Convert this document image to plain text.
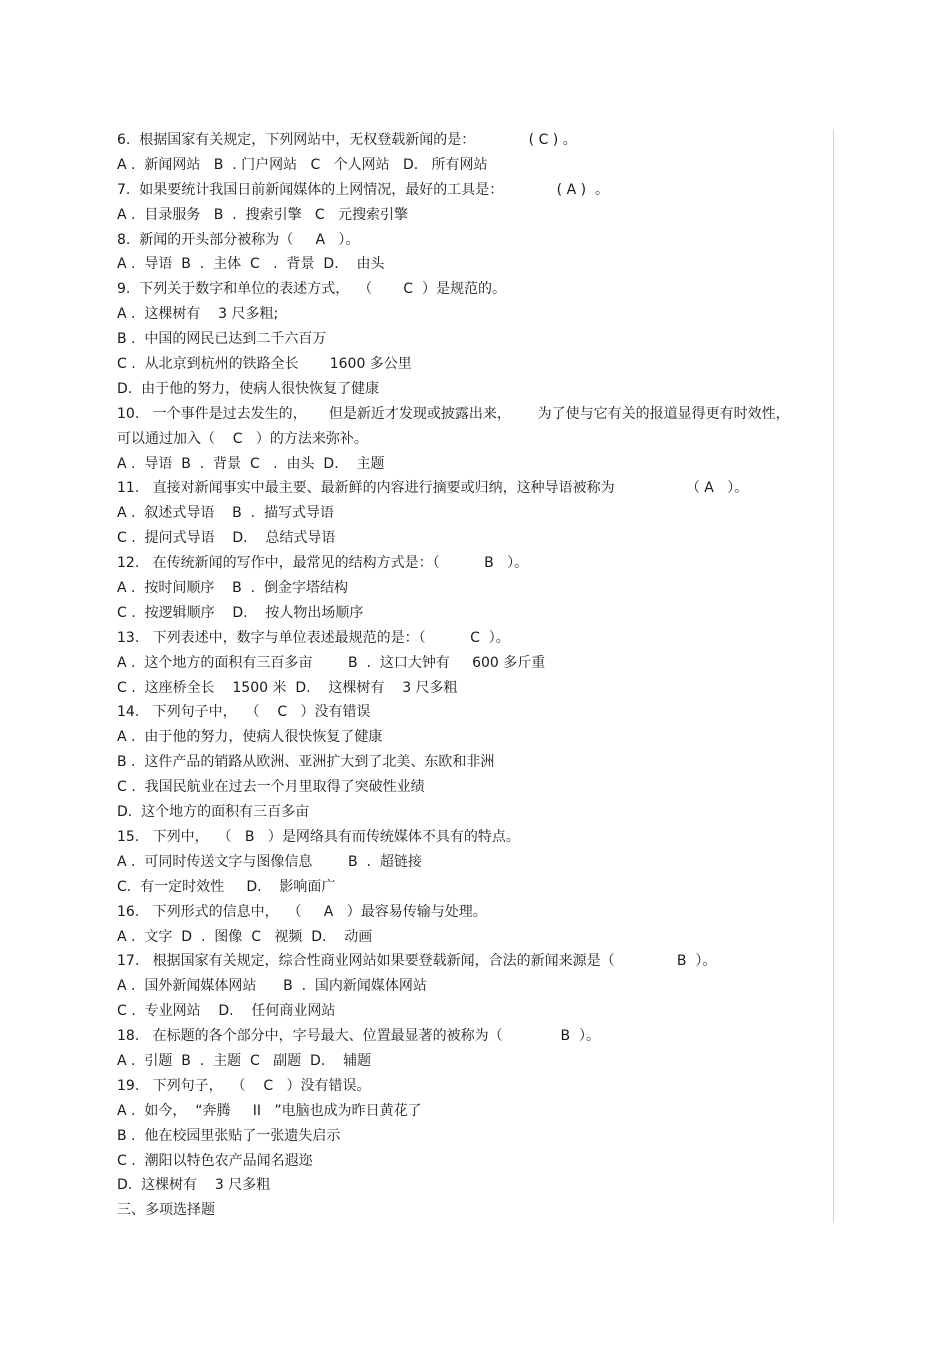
6.  根据国家有关规定，下列网站中，无权登载新闻的是：            ( C ) 。
A .  新闻网站   B  . 门户网站   C   个人网站   D.   所有网站
7.  如果要统计我国日前新闻媒体的上网情况，最好的工具是：            ( A )  。
A .  目录服务   B  .  搜索引擎   C   元搜索引擎
8.  新闻的开头部分被称为（     A   ）。
A .  导语  B  .  主体  C   .  背景  D.    由头
9.  下列关于数字和单位的表述方式，  （       C  ）是规范的。
A .  这棵树有    3 尺多粗;
B .  中国的网民已达到二千六百万
C .  从北京到杭州的铁路全长       1600 多公里
D.  由于他的努力，使病人很快恢复了健康
10.   一个事件是过去发生的，     但是新近才发现或披露出来，      为了使与它有关的报道显得更有时效性，
可以通过加入（    C   ）的方法来弥补。
A .  导语  B  .  背景  C   .  由头  D.    主题
11.   直接对新闻事实中最主要、最新鲜的内容进行摘要或归纳，这种导语被称为                （ A   ）。
A .  叙述式导语    B  .  描写式导语
C .  提问式导语    D.    总结式导语
12.   在传统新闻的写作中，最常见的结构方式是：（          B   ）。
A .  按时间顺序    B  .  倒金字塔结构
C .  按逻辑顺序    D.    按人物出场顺序
13.   下列表述中，数字与单位表述最规范的是：（          C  ）。
A .  这个地方的面积有三百多亩        B  .  这口大钟有     600 多斤重
C .  这座桥全长    1500 米  D.    这棵树有    3 尺多粗
14.   下列句子中，  （    C   ）没有错误
A .  由于他的努力，使病人很快恢复了健康
B .  这件产品的销路从欧洲、亚洲扩大到了北美、东欧和非洲
C .  我国民航业在过去一个月里取得了突破性业绩
D.  这个地方的面积有三百多亩
15.   下列中，  （   B   ）是网络具有而传统媒体不具有的特点。
A .  可同时传送文字与图像信息        B  .  超链接
C.  有一定时效性     D.    影响面广
16.   下列形式的信息中，  （     A   ）最容易传输与处理。
A .  文字  D  .  图像  C   视频  D.    动画
17.   根据国家有关规定，综合性商业网站如果要登载新闻，合法的新闻来源是（              B  ）。
A .  国外新闻媒体网站      B  .  国内新闻媒体网站
C .  专业网站    D.    任何商业网站
18.   在标题的各个部分中，字号最大、位置最显著的被称为（             B  ）。
A .  引题  B  .  主题  C   副题  D.    辅题
19.   下列句子，  （    C   ）没有错误。
A .  如今，  “奔腾     II   ”电脑也成为昨日黄花了
B .  他在校园里张贴了一张遗失启示
C .  潮阳以特色农产品闻名遐迩
D.  这棵树有    3 尺多粗
三、多项选择题
